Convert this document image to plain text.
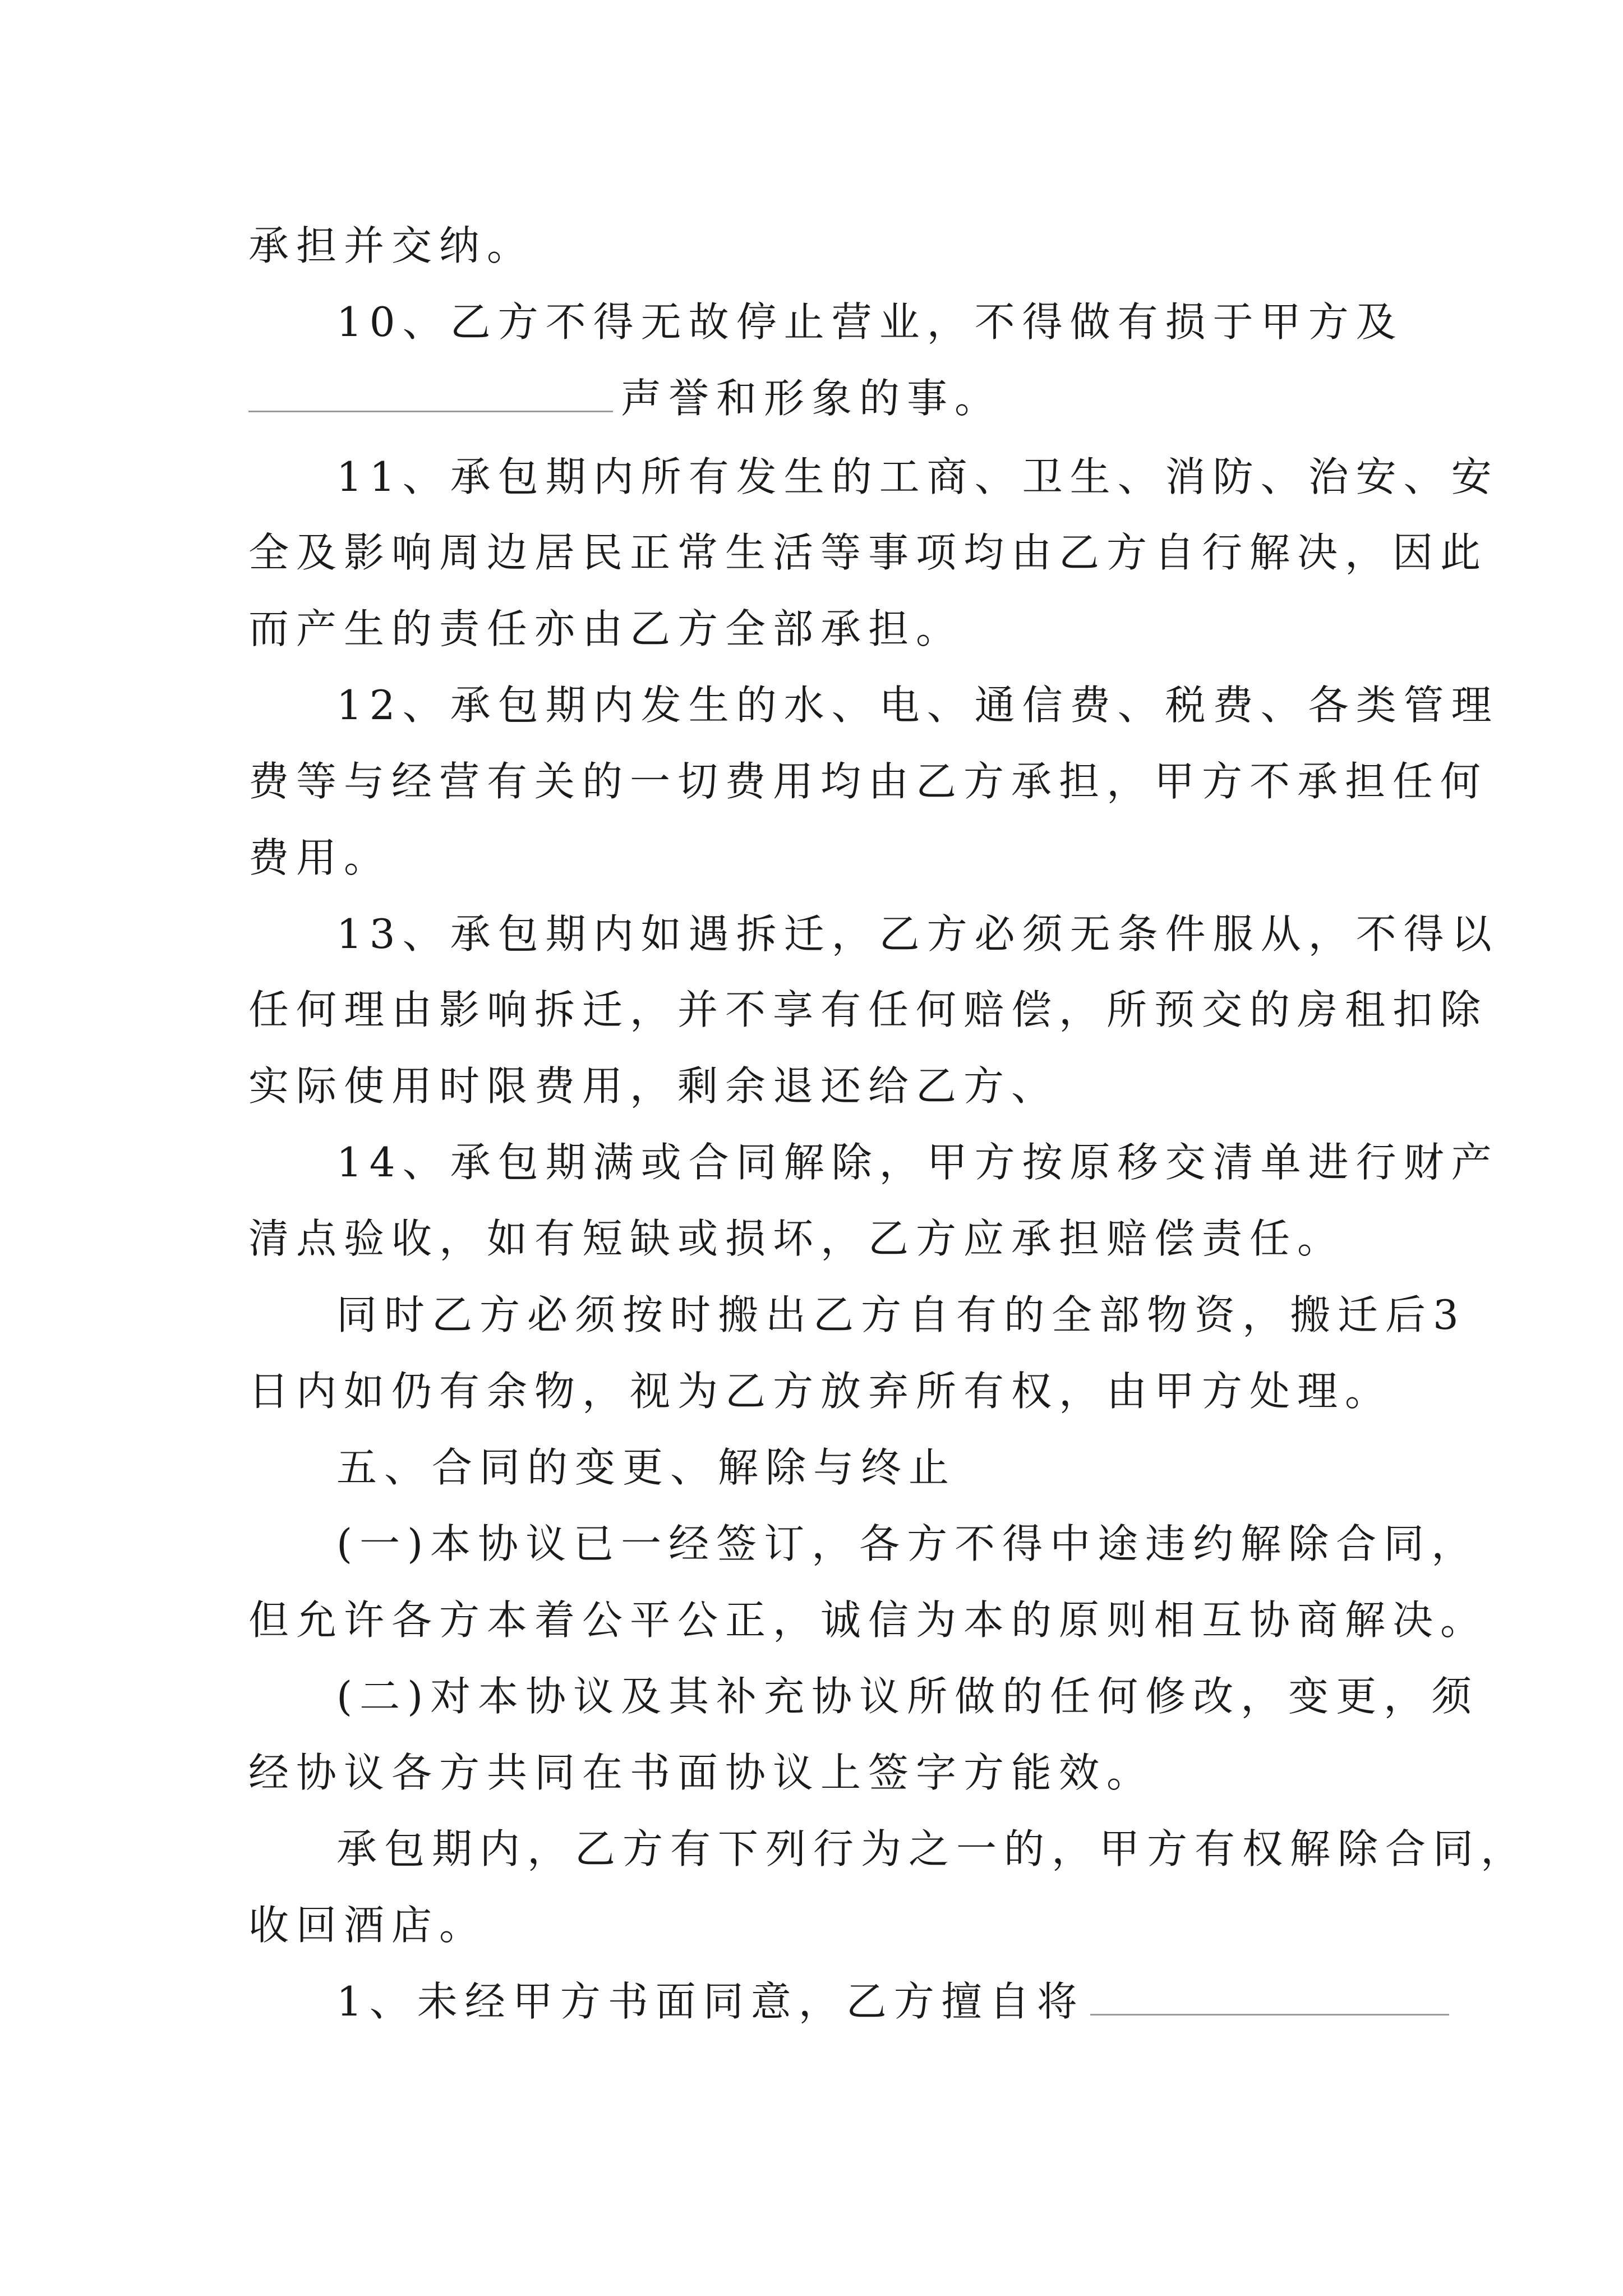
承担并交纳。
10、乙方不得无故停止营业，不得做有损于甲方及
声誉和形象的事。
11、承包期内所有发生的工商、卫生、消防、治安、安
全及影响周边居民正常生活等事项均由乙方自行解决，因此
而产生的责任亦由乙方全部承担。
12、承包期内发生的水、电、通信费、税费、各类管理
费等与经营有关的一切费用均由乙方承担，甲方不承担任何
费用。
13、承包期内如遇拆迁，乙方必须无条件服从，不得以
任何理由影响拆迁，并不享有任何赔偿，所预交的房租扣除
实际使用时限费用，剩余退还给乙方、
14、承包期满或合同解除，甲方按原移交清单进行财产
清点验收，如有短缺或损坏，乙方应承担赔偿责任。
同时乙方必须按时搬出乙方自有的全部物资，搬迁后3
日内如仍有余物，视为乙方放弃所有权，由甲方处理。
五、合同的变更、解除与终止
(一)本协议已一经签订，各方不得中途违约解除合同，
但允许各方本着公平公正，诚信为本的原则相互协商解决。
(二)对本协议及其补充协议所做的任何修改，变更，须
经协议各方共同在书面协议上签字方能效。
承包期内，乙方有下列行为之一的，甲方有权解除合同，
收回酒店。
1、未经甲方书面同意，乙方擅自将
